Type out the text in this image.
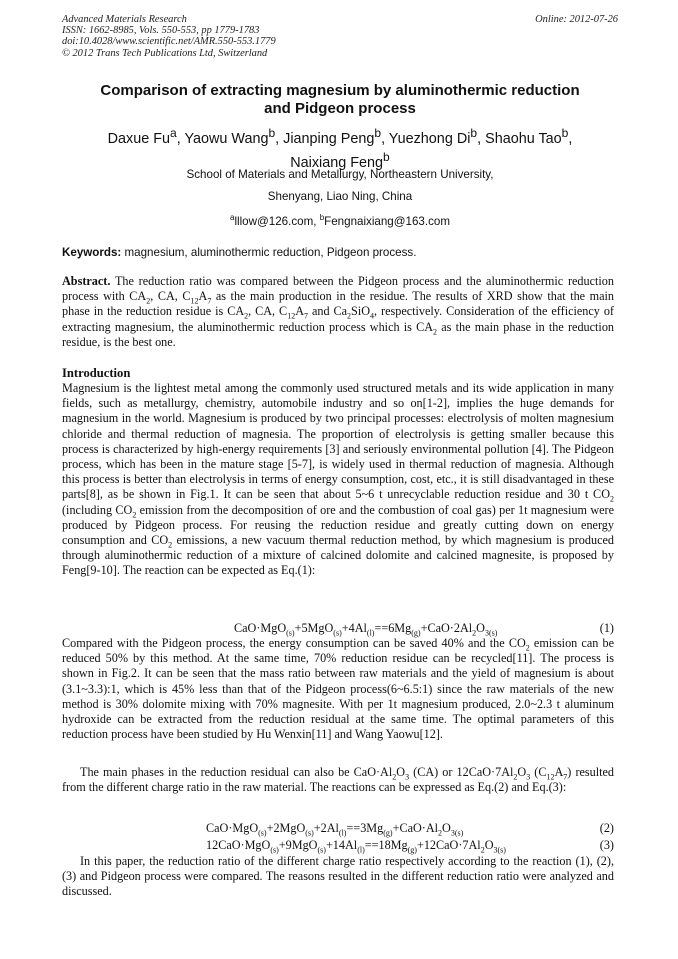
Advanced Materials Research
ISSN: 1662-8985, Vols. 550-553, pp 1779-1783
doi:10.4028/www.scientific.net/AMR.550-553.1779
© 2012 Trans Tech Publications Ltd, Switzerland
Online: 2012-07-26
Comparison of extracting magnesium by aluminothermic reduction
and Pidgeon process
Daxue Fu$^a$, Yaowu Wang$^b$, Jianping Peng$^b$, Yuezhong Di$^b$, Shaohu Tao$^b$,
Naixiang Feng$^b$
School of Materials and Metallurgy, Northeastern University,
Shenyang, Liao Ning, China
$^a$lllow@126.com, $^b$Fengnaixiang@163.com
Keywords: magnesium, aluminothermic reduction, Pidgeon process.
Abstract. The reduction ratio was compared between the Pidgeon process and the aluminothermic reduction process with $CA_2$, CA, $C_{12}A_7$ as the main production in the residue. The results of XRD show that the main phase in the reduction residue is $CA_2$, CA, $C_{12}A_7$ and $Ca_2SiO_4$, respectively. Consideration of the efficiency of extracting magnesium, the aluminothermic reduction process which is $CA_2$ as the main phase in the reduction residue, is the best one.
Introduction
Magnesium is the lightest metal among the commonly used structured metals and its wide application in many fields, such as metallurgy, chemistry, automobile industry and so on[1-2], implies the huge demands for magnesium in the world. Magnesium is produced by two principal processes: electrolysis of molten magnesium chloride and thermal reduction of magnesia. The proportion of electrolysis is getting smaller because this process is characterized by high-energy requirements [3] and seriously environmental pollution [4]. The Pidgeon process, which has been in the mature stage [5-7], is widely used in thermal reduction of magnesia. Although this process is better than electrolysis in terms of energy consumption, cost, etc., it is still disadvantaged in these parts[8], as be shown in Fig.1. It can be seen that about 5~6 t unrecyclable reduction residue and 30 t $CO_2$ (including $CO_2$ emission from the decomposition of ore and the combustion of coal gas) per 1t magnesium were produced by Pidgeon process. For reusing the reduction residue and greatly cutting down on energy consumption and $CO_2$ emissions, a new vacuum thermal reduction method, by which magnesium is produced through aluminothermic reduction of a mixture of calcined dolomite and calcined magnesite, is proposed by Feng[9-10]. The reaction can be expected as Eq.(1):
$CaO\cdot MgO_{(s)}+5MgO_{(s)}+4Al_{(l)}==6Mg_{(g)}+CaO\cdot 2Al_2O_{3(s)}$	(1)
Compared with the Pidgeon process, the energy consumption can be saved 40% and the $CO_2$ emission can be reduced 50% by this method. At the same time, 70% reduction residue can be recycled[11]. The process is shown in Fig.2. It can be seen that the mass ratio between raw materials and the yield of magnesium is about (3.1~3.3):1, which is 45% less than that of the Pidgeon process(6~6.5:1) since the raw materials of the new method is 30% dolomite mixing with 70% magnesite. With per 1t magnesium produced, 2.0~2.3 t aluminum hydroxide can be extracted from the reduction residual at the same time. The optimal parameters of this reduction process have been studied by Hu Wenxin[11] and Wang Yaowu[12].
The main phases in the reduction residual can also be $CaO\cdot Al_2O_3$ (CA) or $12CaO\cdot 7Al_2O_3$ $(C_{12}A_7)$ resulted from the different charge ratio in the raw material. The reactions can be expressed as Eq.(2) and Eq.(3):
$CaO\cdot MgO_{(s)}+2MgO_{(s)}+2Al_{(l)}==3Mg_{(g)}+CaO\cdot Al_2O_{3(s)}$	(2)
$12CaO\cdot MgO_{(s)}+9MgO_{(s)}+14Al_{(l)}==18Mg_{(g)}+12CaO\cdot 7Al_2O_{3(s)}$	(3)
In this paper, the reduction ratio of the different charge ratio respectively according to the reaction (1), (2), (3) and Pidgeon process were compared. The reasons resulted in the different reduction ratio were analyzed and discussed.
